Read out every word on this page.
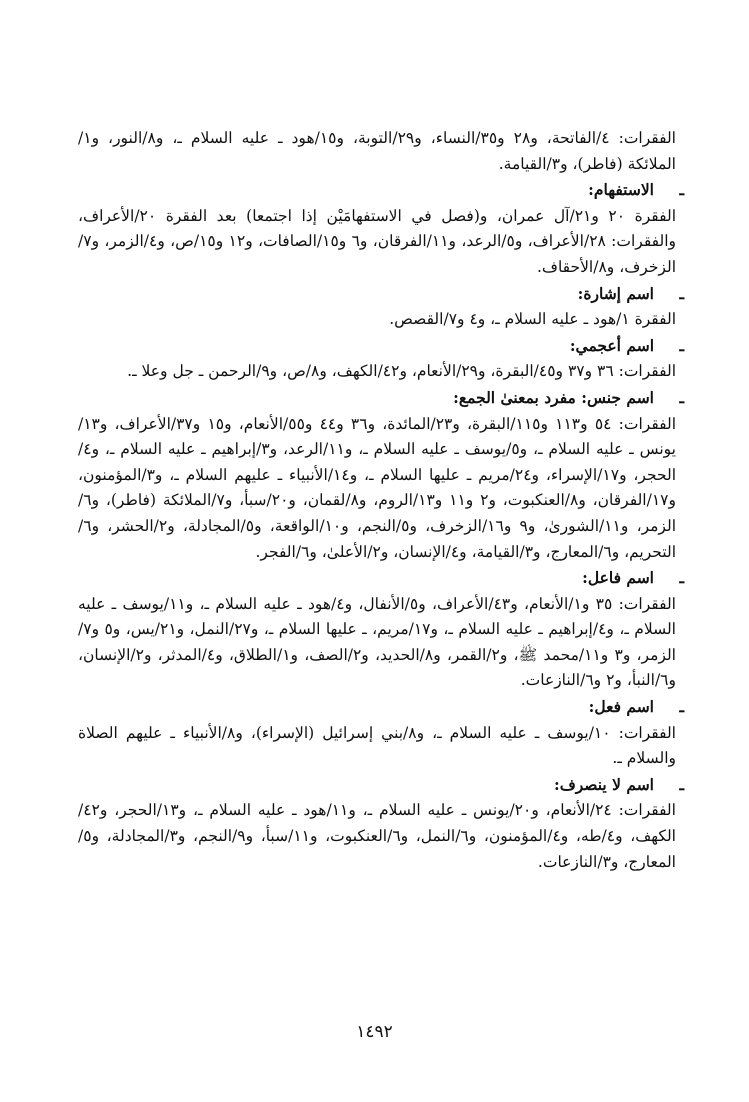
الفقرات: ٤/الفاتحة، و٢٨ و٣٥/النساء، و٢٩/التوبة، و١٥/هود ـ عليه السلام ـ، و٨/النور، و١/الملائكة (فاطر)، و٣/القيامة.

ـ
الاستفهام:

الفقرة ٢٠ و٢١/آل عمران، و(فصل في الاستفهامَيْن إذا اجتمعا) بعد الفقرة ٢٠/الأعراف، والفقرات: ٢٨/الأعراف، و٥/الرعد، و١١/الفرقان، و٦ و١٥/الصافات، و١٢ و١٥/ص، و٤/الزمر، و٧/الزخرف، و٨/الأحقاف.

ـ
اسم إشارة:

الفقرة ١/هود ـ عليه السلام ـ، و٤ و٧/القصص.

ـ
اسم أعجمي:

الفقرات: ٣٦ و٣٧ و٤٥/البقرة، و٢٩/الأنعام، و٤٢/الكهف، و٨/ص، و٩/الرحمن ـ جل وعلا ـ.

ـ
اسم جنس: مفرد بمعنىٰ الجمع:

الفقرات: ٥٤ و١١٣ و١١٥/البقرة، و٢٣/المائدة، و٣٦ و٤٤ و٥٥/الأنعام، و١٥ و٣٧/الأعراف، و١٣/يونس ـ عليه السلام ـ، و٥/يوسف ـ عليه السلام ـ، و١١/الرعد، و٣/إبراهيم ـ عليه السلام ـ، و٤/الحجر، و١٧/الإسراء، و٢٤/مريم ـ عليها السلام ـ، و١٤/الأنبياء ـ عليهم السلام ـ، و٣/المؤمنون، و١٧/الفرقان، و٨/العنكبوت، و٢ و١١ و١٣/الروم، و٨/لقمان، و٢٠/سبأ، و٧/الملائكة (فاطر)، و٦/الزمر، و١١/الشورىٰ، و٩ و١٦/الزخرف، و٥/النجم، و١٠/الواقعة، و٥/المجادلة، و٢/الحشر، و٦/التحريم، و٦/المعارج، و٣/القيامة، و٤/الإنسان، و٢/الأعلىٰ، و٦/الفجر.

ـ
اسم فاعل:

الفقرات: ٣٥ و١/الأنعام، و٤٣/الأعراف، و٥/الأنفال، و٤/هود ـ عليه السلام ـ، و١١/يوسف ـ عليه السلام ـ، و٤/إبراهيم ـ عليه السلام ـ، و١٧/مريم، ـ عليها السلام ـ، و٢٧/النمل، و٢١/يس، و٥ و٧/الزمر، و٣ و١١/محمد ﷺ، و٢/القمر، و٨/الحديد، و٢/الصف، و١/الطلاق، و٤/المدثر، و٢/الإنسان، و٦/النبأ، و٢ و٦/النازعات.

ـ
اسم فعل:

الفقرات: ١٠/يوسف ـ عليه السلام ـ، و٨/بني إسرائيل (الإسراء)، و٨/الأنبياء ـ عليهم الصلاة والسلام ـ.

ـ
اسم لا ينصرف:

الفقرات: ٢٤/الأنعام، و٢٠/يونس ـ عليه السلام ـ، و١١/هود ـ عليه السلام ـ، و١٣/الحجر، و٤٢/الكهف، و٤/طه، و٤/المؤمنون، و٦/النمل، و٦/العنكبوت، و١١/سبأ، و٩/النجم، و٣/المجادلة، و٥/المعارج، و٣/النازعات.

١٤٩٢
